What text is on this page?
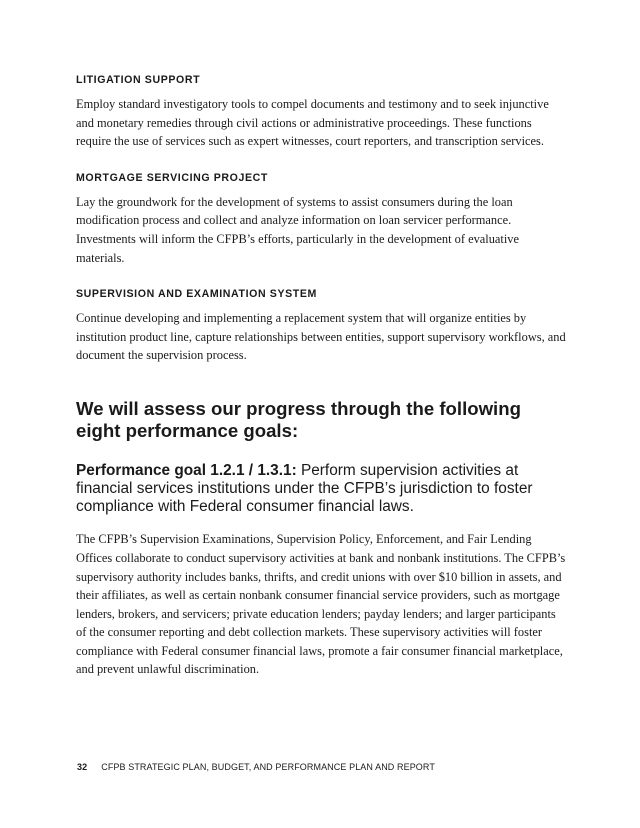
LITIGATION SUPPORT

Employ standard investigatory tools to compel documents and testimony and to seek injunctive and monetary remedies through civil actions or administrative proceedings. These functions require the use of services such as expert witnesses, court reporters, and transcription services.

MORTGAGE SERVICING PROJECT

Lay the groundwork for the development of systems to assist consumers during the loan modification process and collect and analyze information on loan servicer performance. Investments will inform the CFPB’s efforts, particularly in the development of evaluative materials.

SUPERVISION AND EXAMINATION SYSTEM

Continue developing and implementing a replacement system that will organize entities by institution product line, capture relationships between entities, support supervisory workflows, and document the supervision process.

We will assess our progress through the following eight performance goals:

Performance goal 1.2.1 / 1.3.1: Perform supervision activities at financial services institutions under the CFPB’s jurisdiction to foster compliance with Federal consumer financial laws.

The CFPB’s Supervision Examinations, Supervision Policy, Enforcement, and Fair Lending Offices collaborate to conduct supervisory activities at bank and nonbank institutions. The CFPB’s supervisory authority includes banks, thrifts, and credit unions with over $10 billion in assets, and their affiliates, as well as certain nonbank consumer financial service providers, such as mortgage lenders, brokers, and servicers; private education lenders; payday lenders; and larger participants of the consumer reporting and debt collection markets. These supervisory activities will foster compliance with Federal consumer financial laws, promote a fair consumer financial marketplace, and prevent unlawful discrimination.

32 CFPB STRATEGIC PLAN, BUDGET, AND PERFORMANCE PLAN AND REPORT
